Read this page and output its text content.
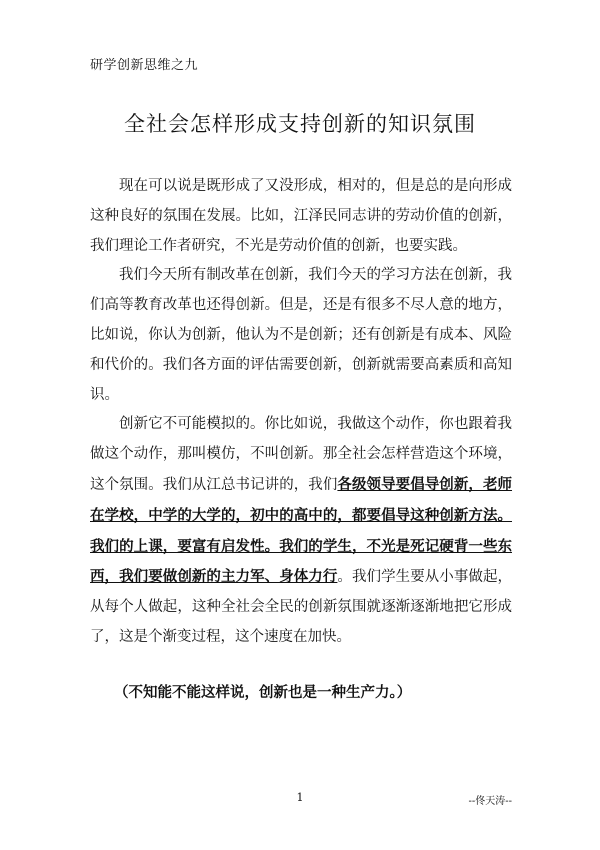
研学创新思维之九
全社会怎样形成支持创新的知识氛围

现在可以说是既形成了又没形成，相对的，但是总的是向形成这种良好的氛围在发展。比如，江泽民同志讲的劳动价值的创新，我们理论工作者研究，不光是劳动价值的创新，也要实践。

我们今天所有制改革在创新，我们今天的学习方法在创新，我们高等教育改革也还得创新。但是，还是有很多不尽人意的地方，比如说，你认为创新，他认为不是创新；还有创新是有成本、风险和代价的。我们各方面的评估需要创新，创新就需要高素质和高知识。

创新它不可能模拟的。你比如说，我做这个动作，你也跟着我做这个动作，那叫模仿，不叫创新。那全社会怎样营造这个环境，这个氛围。我们从江总书记讲的，我们各级领导要倡导创新，老师在学校，中学的大学的，初中的高中的，都要倡导这种创新方法。我们的上课，要富有启发性。我们的学生，不光是死记硬背一些东西，我们要做创新的主力军、身体力行。我们学生要从小事做起，从每个人做起，这种全社会全民的创新氛围就逐渐逐渐地把它形成了，这是个渐变过程，这个速度在加快。

（不知能不能这样说，创新也是一种生产力。）
1	--佟天涛--
